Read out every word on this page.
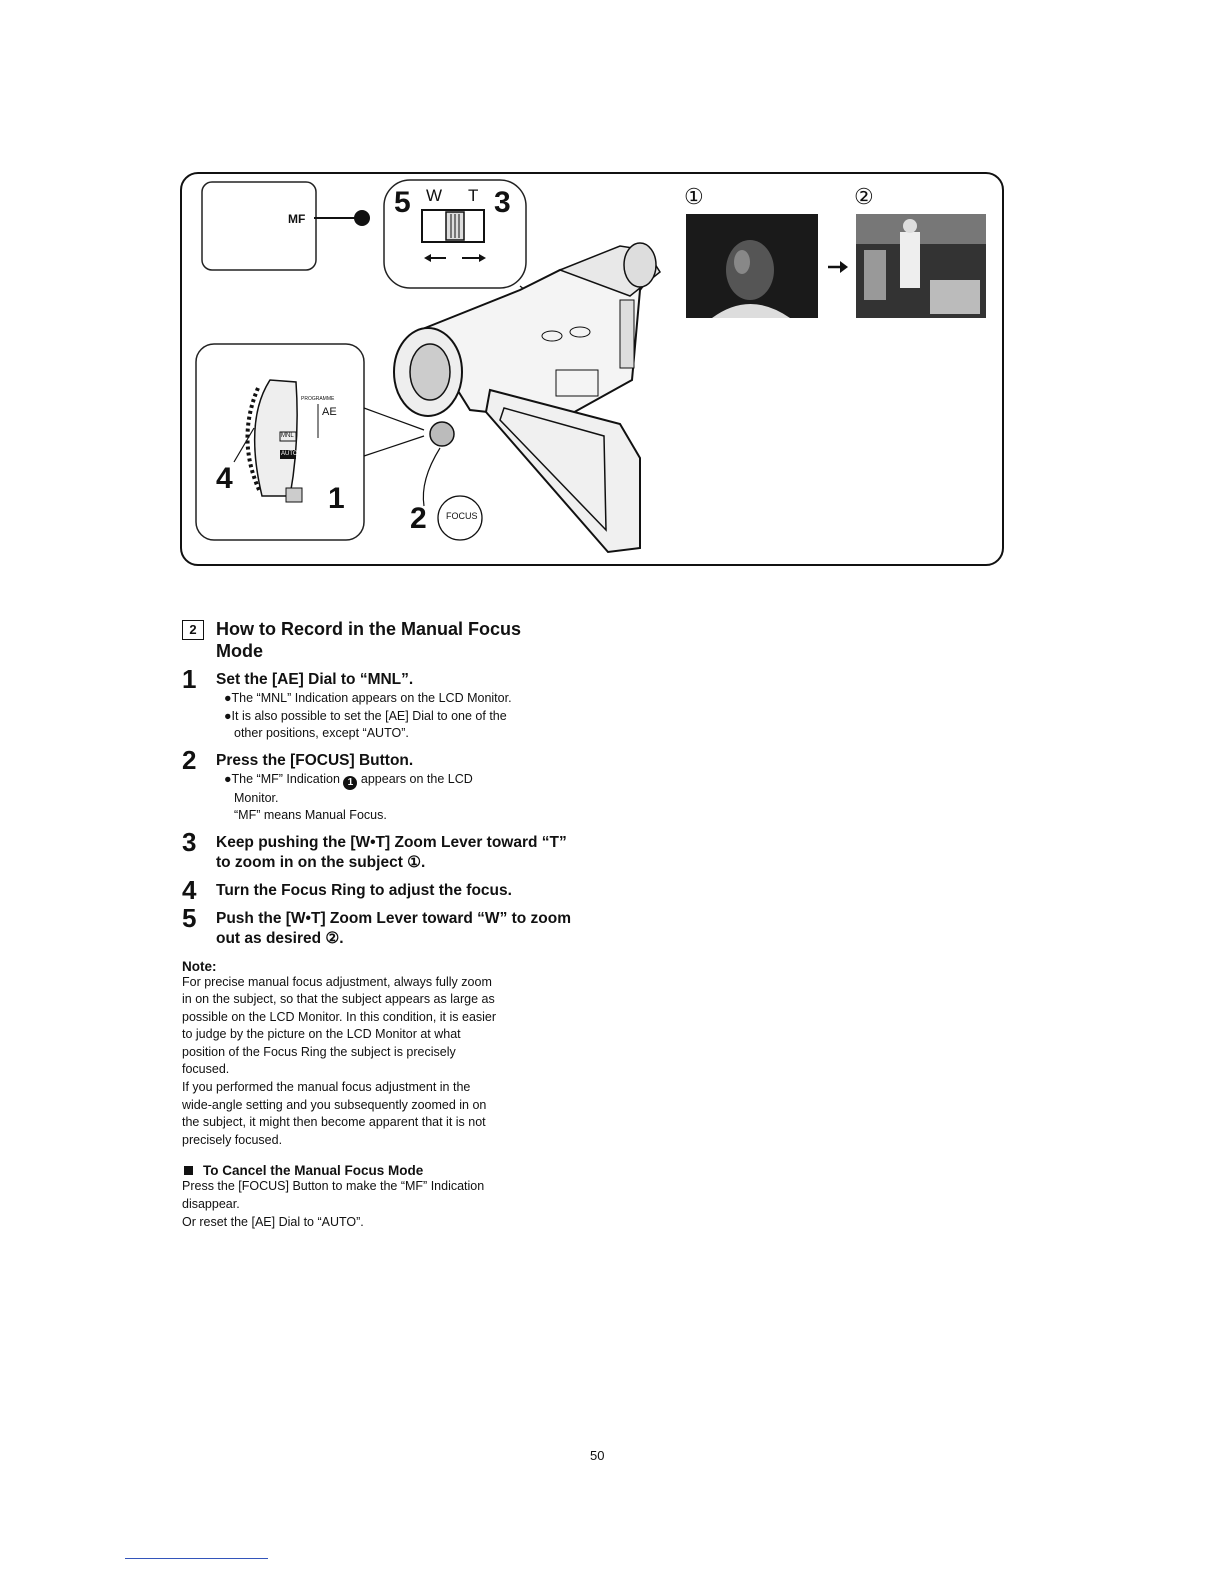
MF	5 W T 3
PROGRAMME
AE
MNL
AUTO
4
1
2 FOCUS
①	②
2	How to Record in the Manual Focus Mode
1 Set the [AE] Dial to “MNL”.
●The “MNL” Indication appears on the LCD Monitor.
●It is also possible to set the [AE] Dial to one of the
other positions, except “AUTO”.
2 Press the [FOCUS] Button.
●The “MF” Indication 1 appears on the LCD
Monitor.
“MF” means Manual Focus.
3 Keep pushing the [W•T] Zoom Lever toward “T” to zoom in on the subject ①.
4 Turn the Focus Ring to adjust the focus.
5 Push the [W•T] Zoom Lever toward “W” to zoom out as desired ②.
Note:
For precise manual focus adjustment, always fully zoom
in on the subject, so that the subject appears as large as
possible on the LCD Monitor. In this condition, it is easier
to judge by the picture on the LCD Monitor at what
position of the Focus Ring the subject is precisely
focused.
If you performed the manual focus adjustment in the
wide-angle setting and you subsequently zoomed in on
the subject, it might then become apparent that it is not
precisely focused.
To Cancel the Manual Focus Mode
Press the [FOCUS] Button to make the “MF” Indication
disappear.
Or reset the [AE] Dial to “AUTO”.
50
